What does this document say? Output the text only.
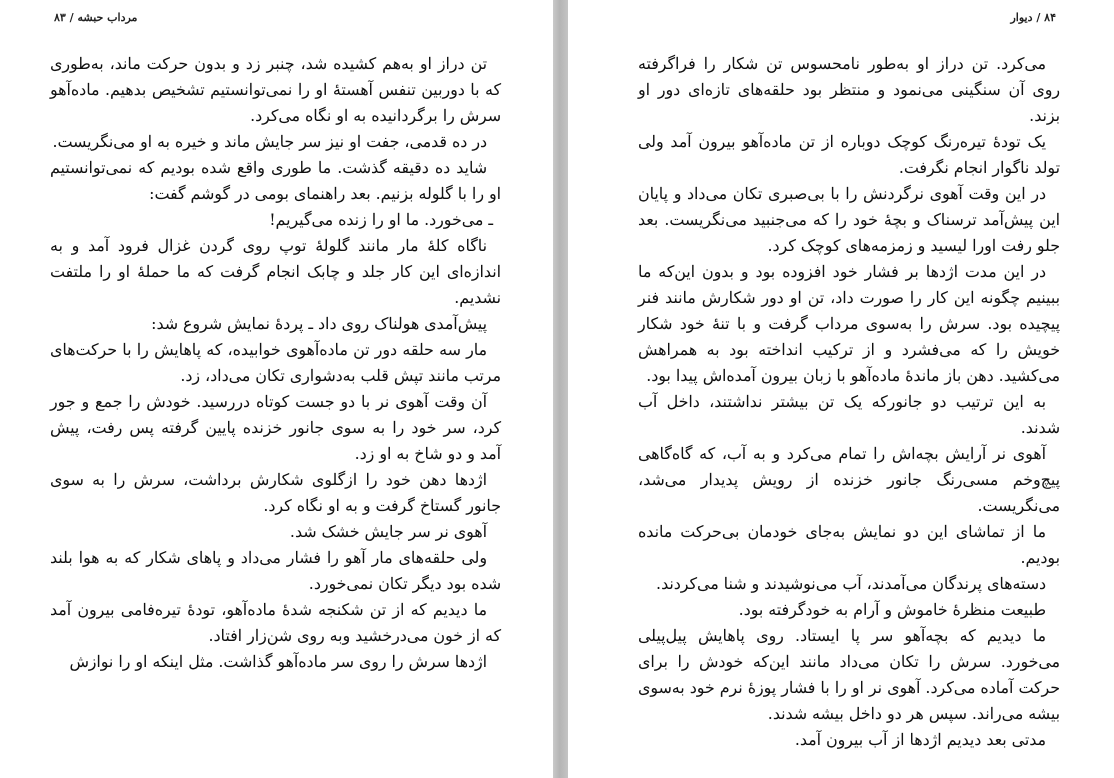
مرداب حبشه / ۸۳

تن دراز او به‌هم کشیده شد، چنبر زد و بدون حرکت ماند، به‌طوری که با دوربین تنفس آهستهٔ او را نمی‌توانستیم تشخیص بدهیم. ماده‌آهو سرش را برگردانیده به او نگاه می‌کرد.

در ده قدمی، جفت او نیز سر جایش ماند و خیره به او می‌نگریست.

شاید ده دقیقه گذشت. ما طوری واقع شده بودیم که نمی‌توانستیم او را با گلوله بزنیم. بعد راهنمای بومی در گوشم گفت:

ـ می‌خورد. ما او را زنده می‌گیریم!

ناگاه کلهٔ مار مانند گلولهٔ توپ روی گردن غزال فرود آمد و به اندازه‌ای این کار جلد و چابک انجام گرفت که ما حملهٔ او را ملتفت نشدیم.

پیش‌آمدی هولناک روی داد ـ پردهٔ نمایش شروع شد:

مار سه حلقه دور تن ماده‌آهوی خوابیده، که پاهایش را با حرکت‌های مرتب مانند تپش قلب به‌دشواری تکان می‌داد، زد.

آن وقت آهوی نر با دو جست کوتاه دررسید. خودش را جمع و جور کرد، سر خود را به سوی جانور خزنده پایین گرفته پس رفت، پیش آمد و دو شاخ به او زد.

اژدها دهن خود را ازگلوی شکارش برداشت، سرش را به سوی جانور گستاخ گرفت و به او نگاه کرد.

آهوی نر سر جایش خشک شد.

ولی حلقه‌های مار آهو را فشار می‌داد و پاهای شکار که به هوا بلند شده بود دیگر تکان نمی‌خورد.

ما دیدیم که از تن شکنجه شدهٔ ماده‌آهو، تودهٔ تیره‌فامی بیرون آمد که از خون می‌درخشید وبه روی شن‌زار افتاد.

اژدها سرش را روی سر ماده‌آهو گذاشت. مثل اینکه او را نوازش

۸۴ / دیوار

می‌کرد. تن دراز او به‌طور نامحسوس تن شکار را فراگرفته روی آن سنگینی می‌نمود و منتظر بود حلقه‌های تازه‌ای دور او بزند.

یک تودهٔ تیره‌رنگ کوچک دوباره از تن ماده‌آهو بیرون آمد ولی تولد ناگوار انجام نگرفت.

در این وقت آهوی نرگردنش را با بی‌صبری تکان می‌داد و پایان این پیش‌آمد ترسناک و بچهٔ خود را که می‌جنبید می‌نگریست. بعد جلو رفت اورا لیسید و زمزمه‌های کوچک کرد.

در این مدت اژدها بر فشار خود افزوده بود و بدون این‌که ما ببینیم چگونه این کار را صورت داد، تن او دور شکارش مانند فنر پیچیده بود. سرش را به‌سوی مرداب گرفت و با تنهٔ خود شکار خویش را که می‌فشرد و از ترکیب انداخته بود به همراهش می‌کشید. دهن باز ماندهٔ ماده‌آهو با زبان بیرون آمده‌اش پیدا بود.

به این ترتیب دو جانورکه یک تن بیشتر نداشتند، داخل آب شدند.

آهوی نر آرایش بچه‌اش را تمام می‌کرد و به آب، که گاه‌گاهی پیچ‌وخم مسی‌رنگ جانور خزنده از رویش پدیدار می‌شد، می‌نگریست.

ما از تماشای این دو نمایش به‌جای خودمان بی‌حرکت مانده بودیم.

دسته‌های پرندگان می‌آمدند، آب می‌نوشیدند و شنا می‌کردند.

طبیعت منظرهٔ خاموش و آرام به خودگرفته بود.

ما دیدیم که بچه‌آهو سر پا ایستاد. روی پاهایش پیل‌پیلی می‌خورد. سرش را تکان می‌داد مانند این‌که خودش را برای حرکت آماده می‌کرد. آهوی نر او را با فشار پوزهٔ نرم خود به‌سوی بیشه می‌راند. سپس هر دو داخل بیشه شدند.

مدتی بعد دیدیم اژدها از آب بیرون آمد.
